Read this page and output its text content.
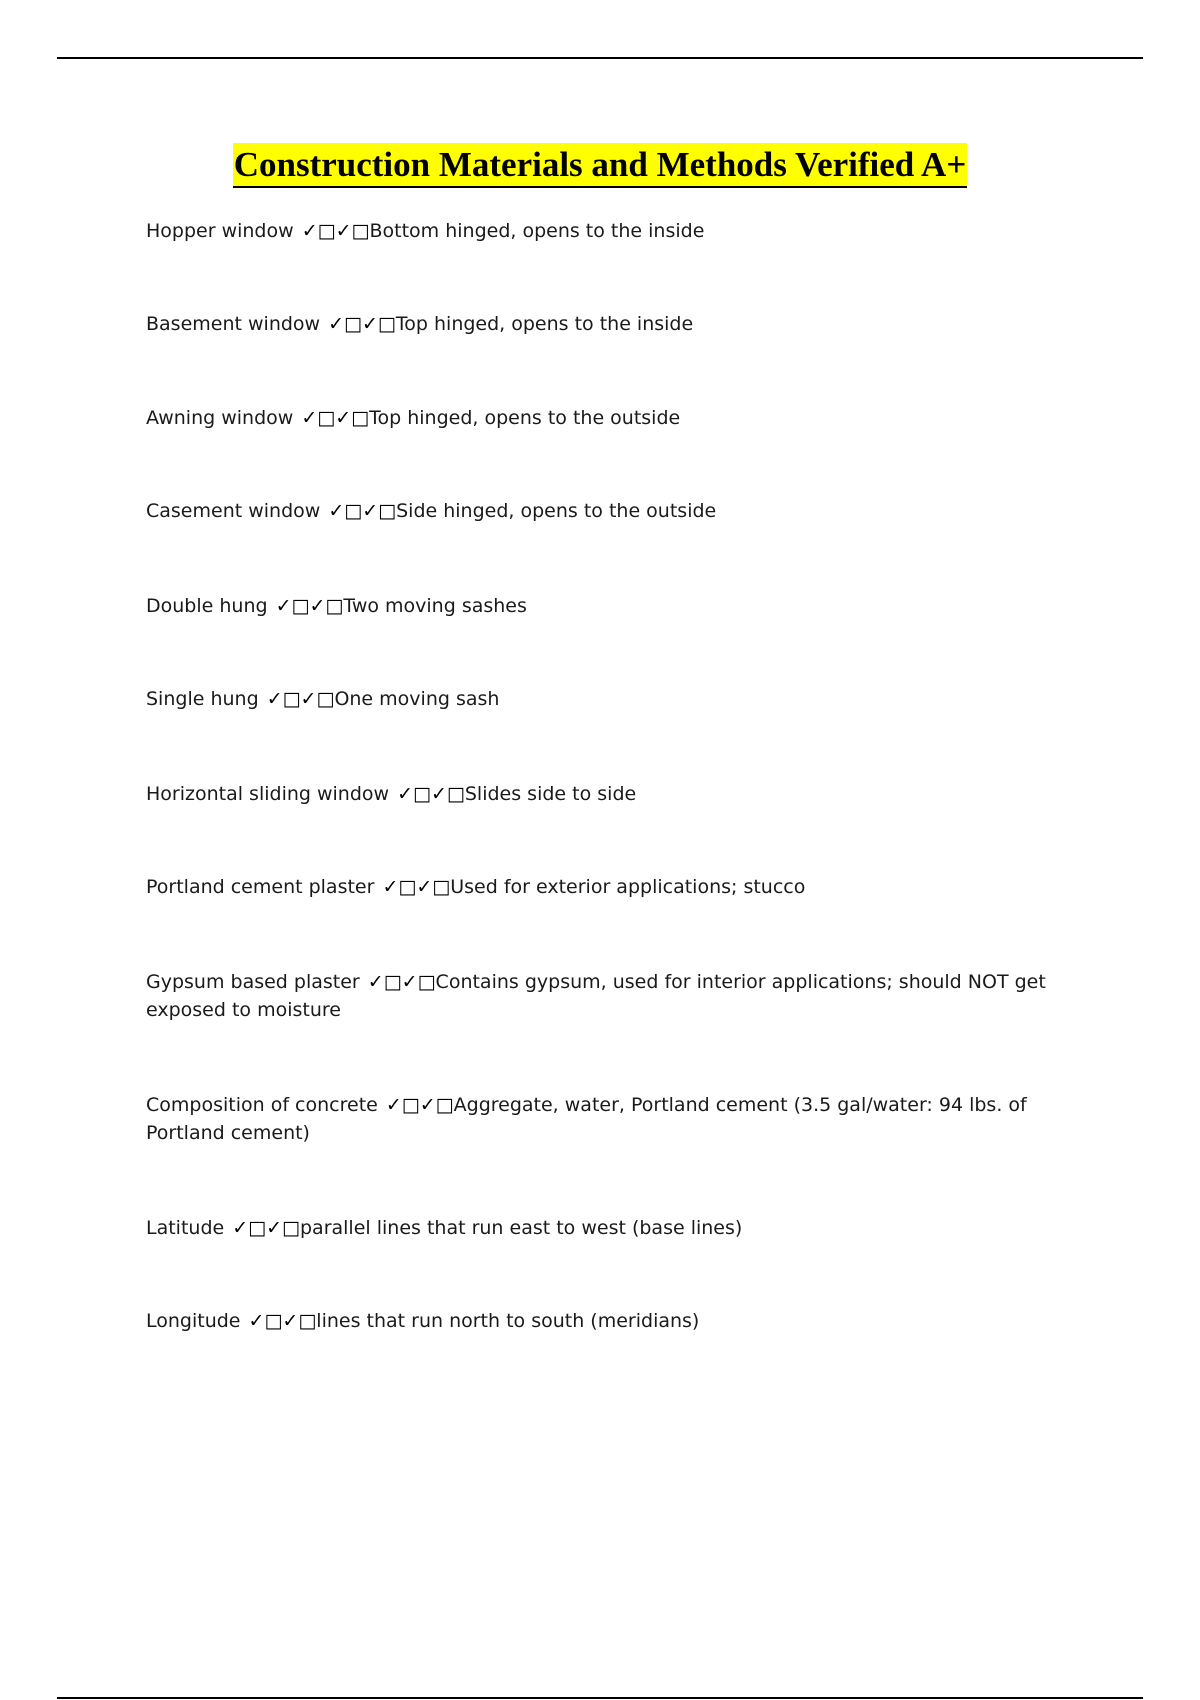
Construction Materials and Methods Verified A+
Hopper window ✓□✓□Bottom hinged, opens to the inside
Basement window ✓□✓□Top hinged, opens to the inside
Awning window ✓□✓□Top hinged, opens to the outside
Casement window ✓□✓□Side hinged, opens to the outside
Double hung ✓□✓□Two moving sashes
Single hung ✓□✓□One moving sash
Horizontal sliding window ✓□✓□Slides side to side
Portland cement plaster ✓□✓□Used for exterior applications; stucco
Gypsum based plaster ✓□✓□Contains gypsum, used for interior applications; should NOT get exposed to moisture
Composition of concrete ✓□✓□Aggregate, water, Portland cement (3.5 gal/water: 94 lbs. of Portland cement)
Latitude ✓□✓□parallel lines that run east to west (base lines)
Longitude ✓□✓□lines that run north to south (meridians)
